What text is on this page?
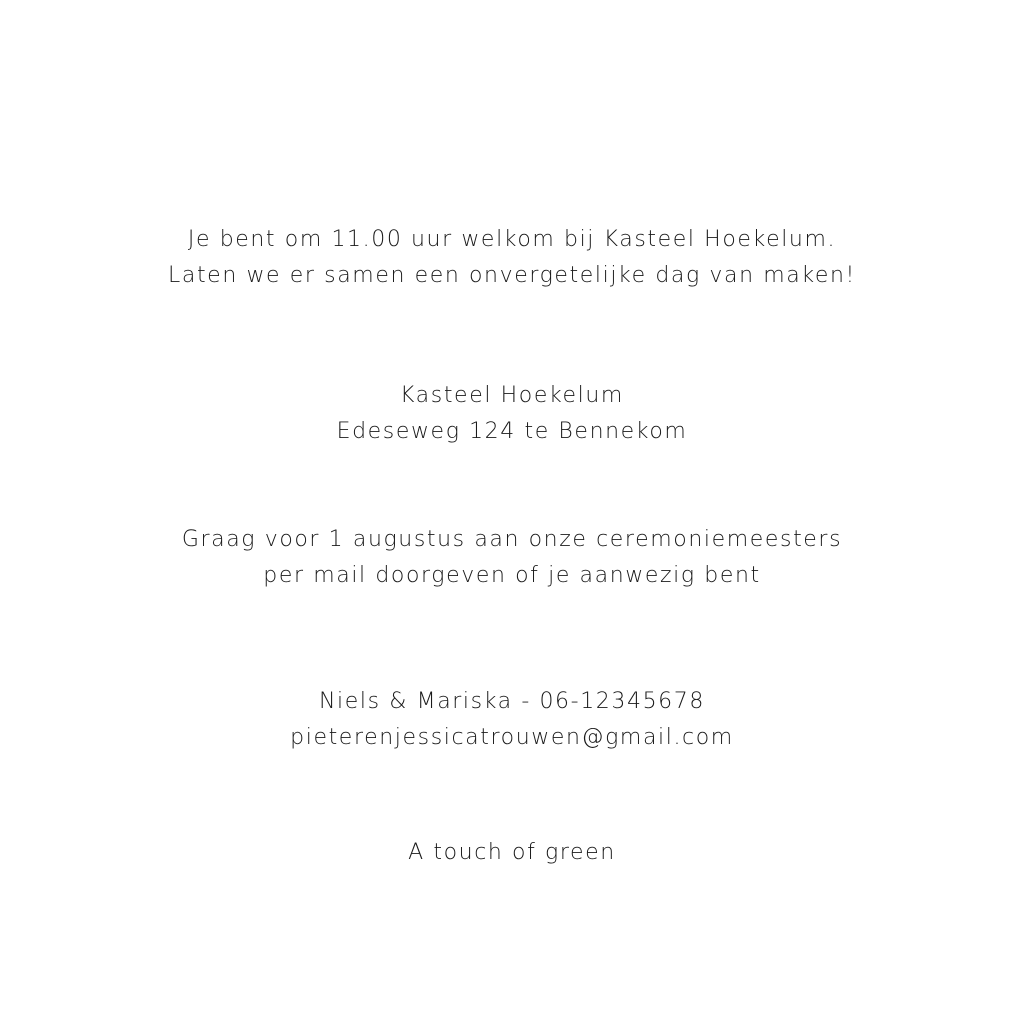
Je bent om 11.00 uur welkom bij Kasteel Hoekelum.
Laten we er samen een onvergetelijke dag van maken!
Kasteel Hoekelum
Edeseweg 124 te Bennekom
Graag voor 1 augustus aan onze ceremoniemeesters
per mail doorgeven of je aanwezig bent
Niels & Mariska - 06-12345678
pieterenjessicatrouwen@gmail.com
A touch of green
